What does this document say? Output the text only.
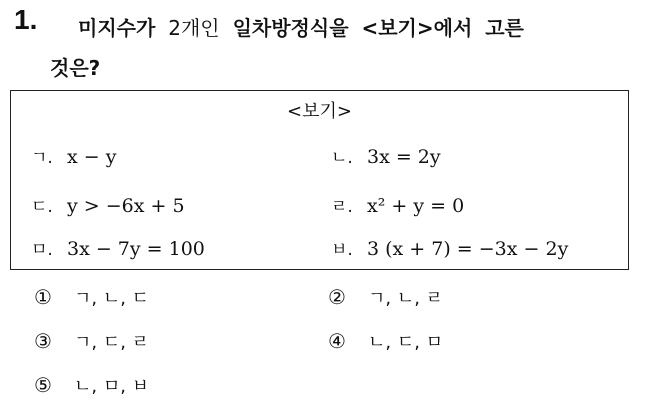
1. 미지수가 2개인 일차방정식을 <보기>에서 고른
것은?
<보기>
ㄱ. x − y	ㄴ. 3x = 2y
ㄷ. y > −6x + 5	ㄹ. x² + y = 0
ㅁ. 3x − 7y = 100	ㅂ. 3 (x + 7) = −3x − 2y
① ㄱ, ㄴ, ㄷ	② ㄱ, ㄴ, ㄹ
③ ㄱ, ㄷ, ㄹ	④ ㄴ, ㄷ, ㅁ
⑤ ㄴ, ㅁ, ㅂ
